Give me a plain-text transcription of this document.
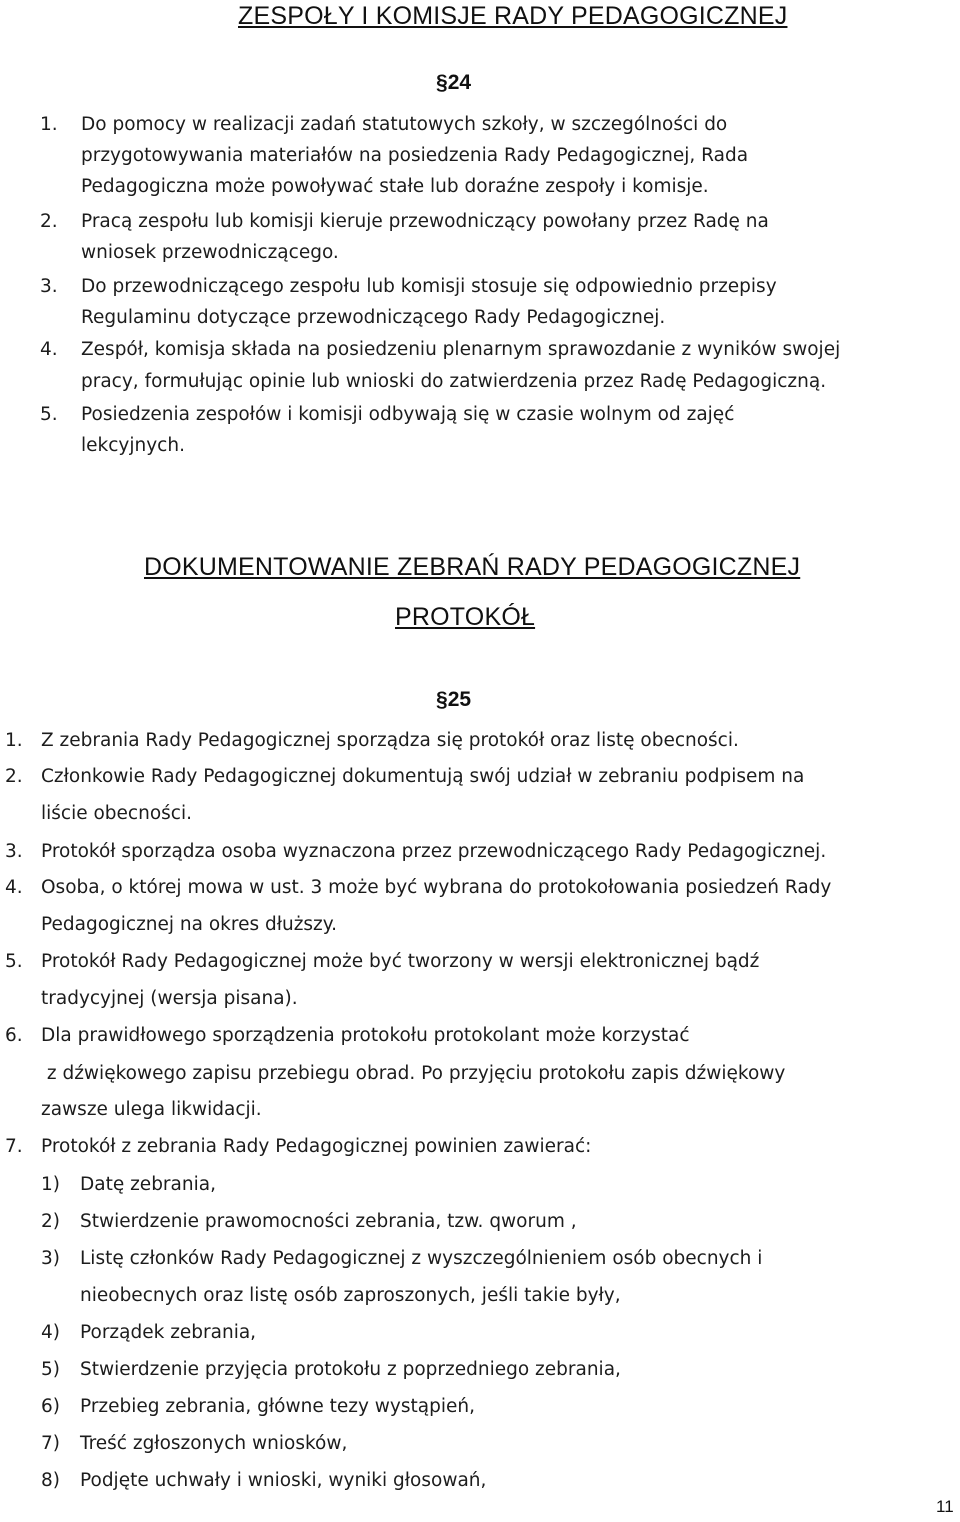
ZESPOŁY I KOMISJE RADY PEDAGOGICZNEJ
§24
1. Do pomocy w realizacji zadań statutowych szkoły, w szczególności do
przygotowywania materiałów na posiedzenia Rady Pedagogicznej, Rada
Pedagogiczna może powoływać stałe lub doraźne zespoły i komisje.
2. Pracą zespołu lub komisji kieruje przewodniczący powołany przez Radę na
wniosek przewodniczącego.
3. Do przewodniczącego zespołu lub komisji stosuje się odpowiednio przepisy
Regulaminu dotyczące przewodniczącego Rady Pedagogicznej.
4. Zespół, komisja składa na posiedzeniu plenarnym sprawozdanie z wyników swojej
pracy, formułując opinie lub wnioski do zatwierdzenia przez Radę Pedagogiczną.
5. Posiedzenia zespołów i komisji odbywają się w czasie wolnym od zajęć
lekcyjnych.
DOKUMENTOWANIE ZEBRAŃ RADY PEDAGOGICZNEJ
PROTOKÓŁ
§25
1. Z zebrania Rady Pedagogicznej sporządza się protokół oraz listę obecności.
2. Członkowie Rady Pedagogicznej dokumentują swój udział w zebraniu podpisem na
liście obecności.
3. Protokół sporządza osoba wyznaczona przez przewodniczącego Rady Pedagogicznej.
4. Osoba, o której mowa w ust. 3 może być wybrana do protokołowania posiedzeń Rady
Pedagogicznej na okres dłuższy.
5. Protokół Rady Pedagogicznej może być tworzony w wersji elektronicznej bądź
tradycyjnej (wersja pisana).
6. Dla prawidłowego sporządzenia protokołu protokolant może korzystać
z dźwiękowego zapisu przebiegu obrad. Po przyjęciu protokołu zapis dźwiękowy
zawsze ulega likwidacji.
7. Protokół z zebrania Rady Pedagogicznej powinien zawierać:
1) Datę zebrania,
2) Stwierdzenie prawomocności zebrania, tzw. qworum ,
3) Listę członków Rady Pedagogicznej z wyszczególnieniem osób obecnych i
nieobecnych oraz listę osób zaproszonych, jeśli takie były,
4) Porządek zebrania,
5) Stwierdzenie przyjęcia protokołu z poprzedniego zebrania,
6) Przebieg zebrania, główne tezy wystąpień,
7) Treść zgłoszonych wniosków,
8) Podjęte uchwały i wnioski, wyniki głosowań,
11
